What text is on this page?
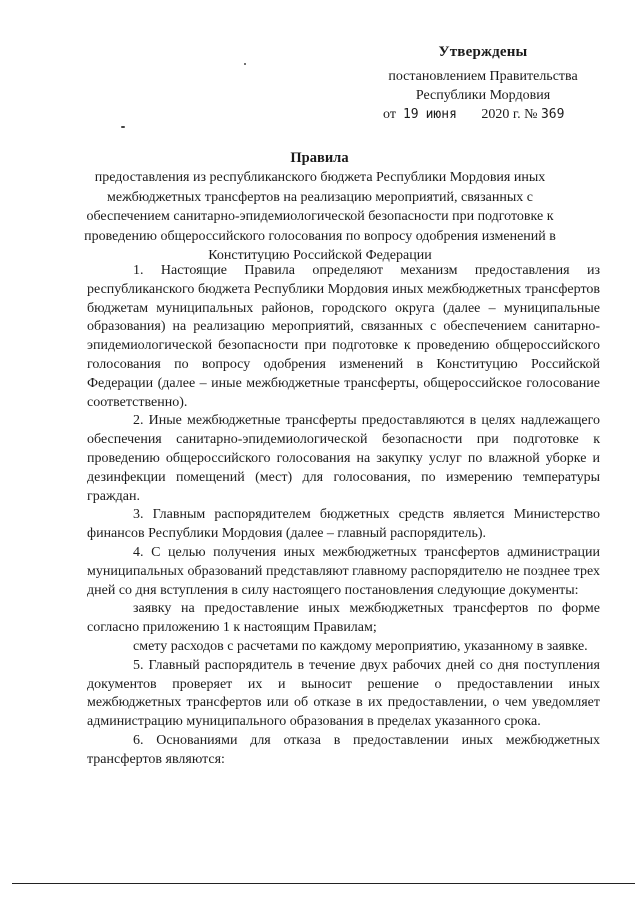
Утверждены
постановлением Правительства
Республики Мордовия
от 19 июня 2020 г. № 369
Правила
предоставления из республиканского бюджета Республики Мордовия иных межбюджетных трансфертов на реализацию мероприятий, связанных с обеспечением санитарно-эпидемиологической безопасности при подготовке к проведению общероссийского голосования по вопросу одобрения изменений в Конституцию Российской Федерации

1. Настоящие Правила определяют механизм предоставления из республиканского бюджета Республики Мордовия иных межбюджетных трансфертов бюджетам муниципальных районов, городского округа (далее – муниципальные образования) на реализацию мероприятий, связанных с обеспечением санитарно-эпидемиологической безопасности при подготовке к проведению общероссийского голосования по вопросу одобрения изменений в Конституцию Российской Федерации (далее – иные межбюджетные трансферты, общероссийское голосование соответственно).

2. Иные межбюджетные трансферты предоставляются в целях надлежащего обеспечения санитарно-эпидемиологической безопасности при подготовке к проведению общероссийского голосования на закупку услуг по влажной уборке и дезинфекции помещений (мест) для голосования, по измерению температуры граждан.

3. Главным распорядителем бюджетных средств является Министерство финансов Республики Мордовия (далее – главный распорядитель).

4. С целью получения иных межбюджетных трансфертов администрации муниципальных образований представляют главному распорядителю не позднее трех дней со дня вступления в силу настоящего постановления следующие документы:

заявку на предоставление иных межбюджетных трансфертов по форме согласно приложению 1 к настоящим Правилам;

смету расходов с расчетами по каждому мероприятию, указанному в заявке.

5. Главный распорядитель в течение двух рабочих дней со дня поступления документов проверяет их и выносит решение о предоставлении иных межбюджетных трансфертов или об отказе в их предоставлении, о чем уведомляет администрацию муниципального образования в пределах указанного срока.

6. Основаниями для отказа в предоставлении иных межбюджетных трансфертов являются:
